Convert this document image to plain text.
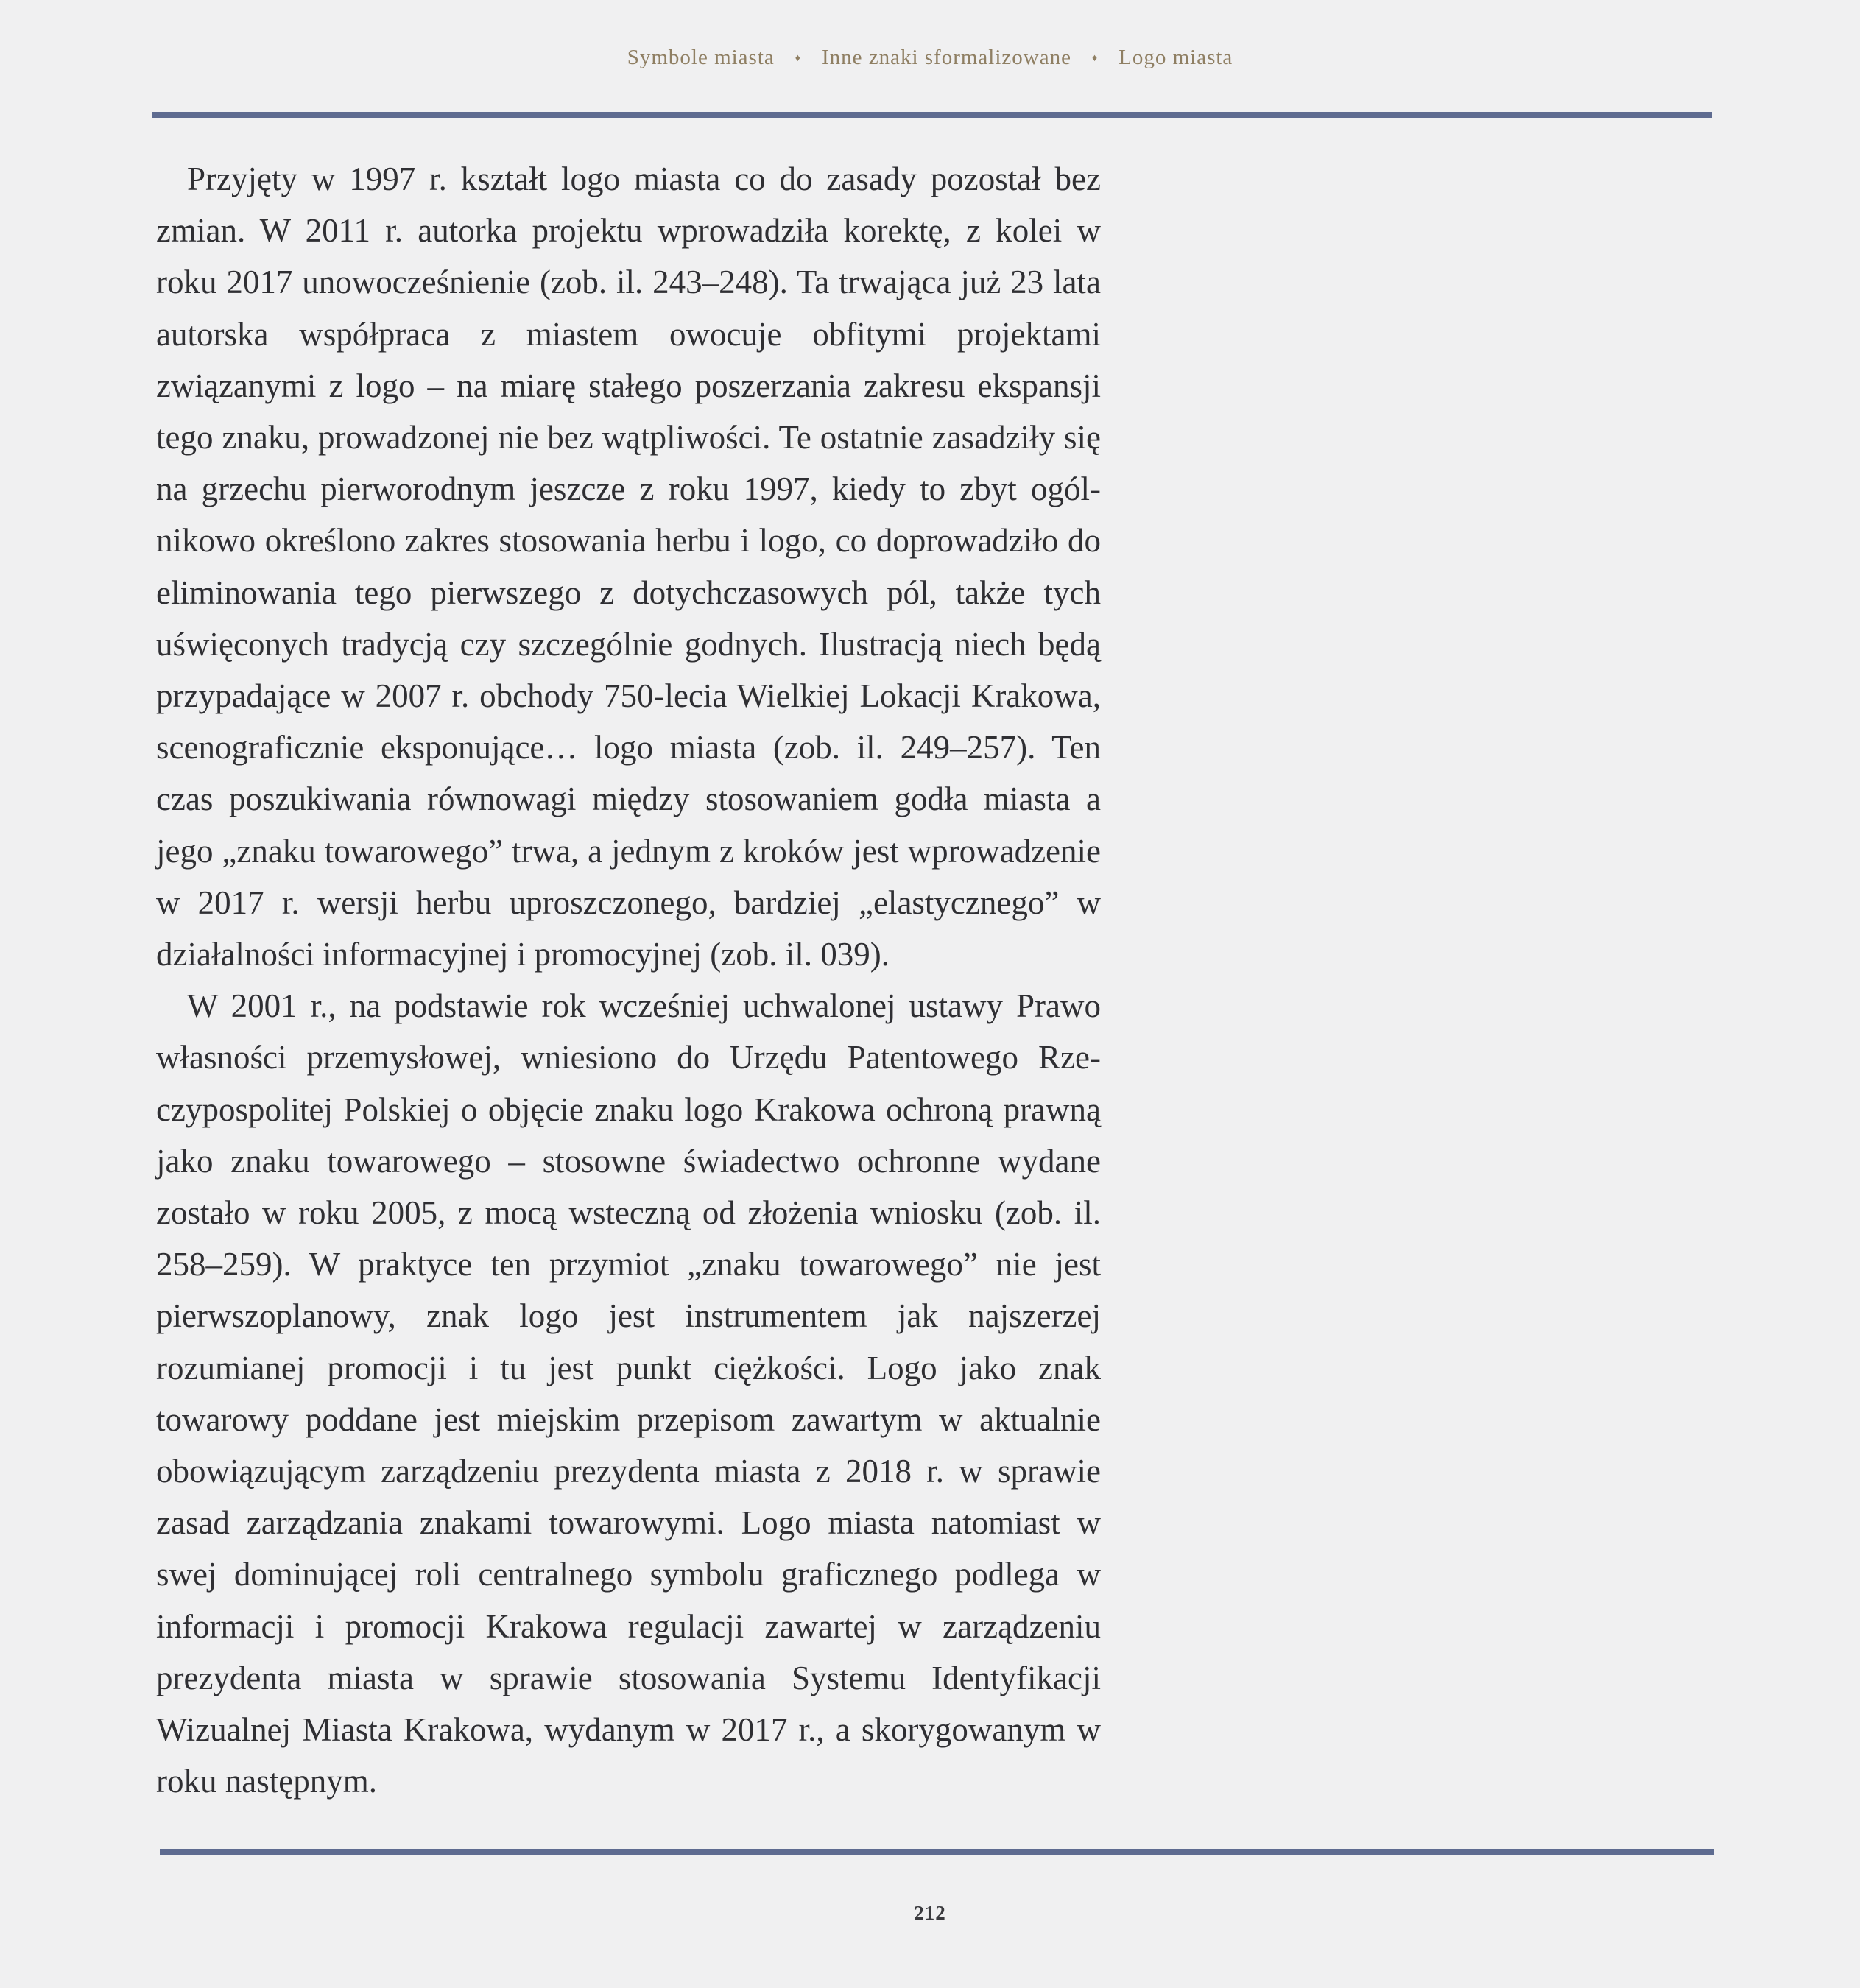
Symbole miasta ♦ Inne znaki sformalizowane ♦ Logo miasta

Przyjęty w 1997 r. kształt logo miasta co do zasady pozostał bez zmian. W 2011 r. autorka projektu wprowadziła korektę, z kolei w roku 2017 unowocześnienie (zob. il. 243–248). Ta trwająca już 23 lata autorska współpraca z miastem owocuje obfitymi projektami związanymi z logo – na miarę stałego poszerzania zakresu ekspansji tego znaku, prowadzonej nie bez wątpliwości. Te ostatnie zasadziły się na grzechu pierworodnym jeszcze z roku 1997, kiedy to zbyt ogólnikowo określono zakres stosowania herbu i logo, co doprowadziło do eliminowania tego pierwszego z dotychczasowych pól, także tych uświęconych tradycją czy szczególnie godnych. Ilustracją niech będą przypadające w 2007 r. obchody 750-lecia Wielkiej Lokacji Krakowa, scenograficznie eksponujące… logo miasta (zob. il. 249–257). Ten czas poszukiwania równowagi między stosowaniem godła miasta a jego „znaku towarowego” trwa, a jednym z kroków jest wprowadzenie w 2017 r. wersji herbu uproszczonego, bardziej „elastycznego” w działalności informacyjnej i promocyjnej (zob. il. 039).

W 2001 r., na podstawie rok wcześniej uchwalonej ustawy Prawo własności przemysłowej, wniesiono do Urzędu Patentowego Rzeczypospolitej Polskiej o objęcie znaku logo Krakowa ochroną prawną jako znaku towarowego – stosowne świadectwo ochronne wydane zostało w roku 2005, z mocą wsteczną od złożenia wniosku (zob. il. 258–259). W praktyce ten przymiot „znaku towarowego” nie jest pierwszoplanowy, znak logo jest instrumentem jak najszerzej rozumianej promocji i tu jest punkt ciężkości. Logo jako znak towarowy poddane jest miejskim przepisom zawartym w aktualnie obowiązującym zarządzeniu prezydenta miasta z 2018 r. w sprawie zasad zarządzania znakami towarowymi. Logo miasta natomiast w swej dominującej roli centralnego symbolu graficznego podlega w informacji i promocji Krakowa regulacji zawartej w zarządzeniu prezydenta miasta w sprawie stosowania Systemu Identyfikacji Wizualnej Miasta Krakowa, wydanym w 2017 r., a skorygowanym w roku następnym.

212
